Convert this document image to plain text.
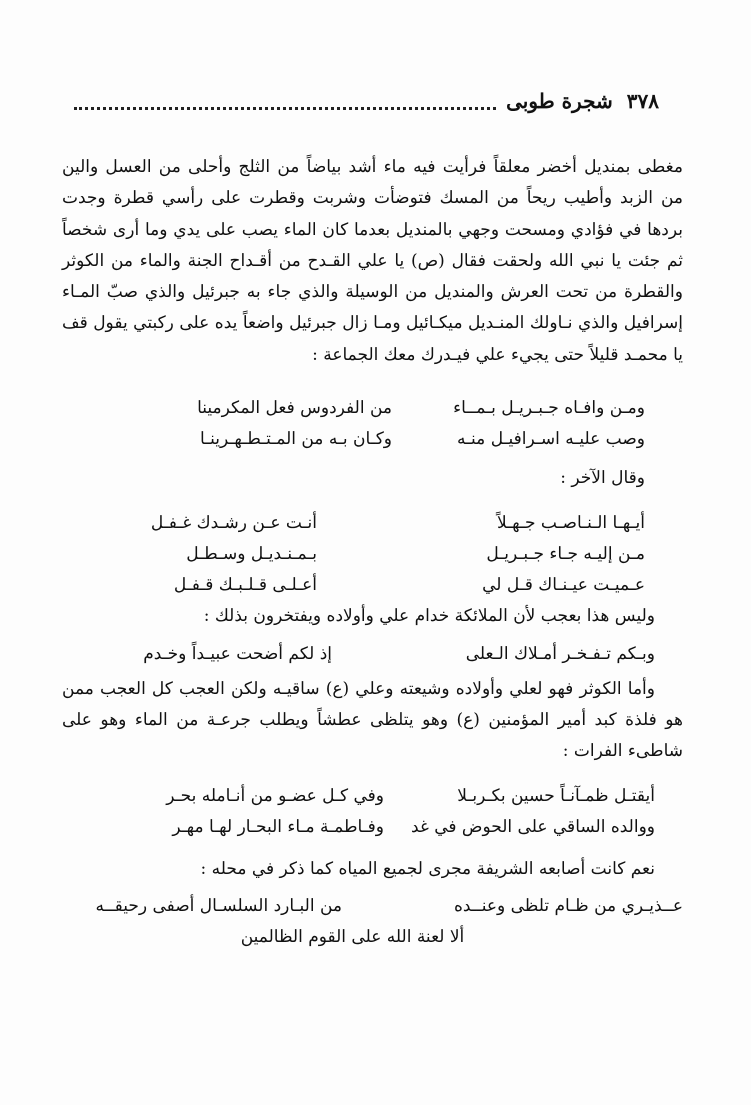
٣٧٨
شجرة طوبى

مغطى بمنديل أخضر معلقاً فرأيت فيه ماء أشد بياضاً من الثلج وأحلى من العسل والين من الزبد وأطيب ريحاً من المسك فتوضأت وشربت وقطرت على رأسي قطرة وجدت بردها في فؤادي ومسحت وجهي بالمنديل بعدما كان الماء يصب على يدي وما أرى شخصاً ثم جئت يا نبي الله ولحقت فقال (ص) يا علي القـدح من أقـداح الجنة والماء من الكوثر والقطرة من تحت العرش والمنديل من الوسيلة والذي جاء به جبرئيل والذي صبّ المـاء إسرافيل والذي نـاولك المنـديل ميكـائيل ومـا زال جبرئيل واضعاً يده على ركبتي يقول قف يا محمـد قليلاً حتى يجيء علي فيـدرك معك الجماعة :

ومـن وافـاه جـبـريـل بـمــاء
من الفردوس فعل المكرمينا
وصب عليـه اسـرافيـل منـه
وكـان بـه من المـتـطـهـرينـا

وقال الآخر :

أيـهـا الـنـاصـب جـهـلاً
أنـت عـن رشـدك غـفـل
مـن إليـه جـاء جـبـريـل
بـمـنـديـل وسـطـل
عـميـت عيـنـاك قـل لي
أعـلـى قـلـبـك قـفـل

وليس هذا بعجب لأن الملائكة خدام علي وأولاده ويفتخرون بذلك :

وبـكم تـفـخـر أمـلاك الـعلى
إذ لكم أضحت عبيـداً وخـدم

وأما الكوثر فهو لعلي وأولاده وشيعته وعلي (ع) ساقيـه ولكن العجب كل العجب ممن هو فلذة كبد أمير المؤمنين (ع) وهو يتلظى عطشاً ويطلب جرعـة من الماء وهو على شاطىء الفرات :

أيقتـل ظمـآنـاً حسين بكـربـلا
وفي كـل عضـو من أنـامله بحـر
ووالده الساقي على الحوض في غد
وفـاطمـة مـاء البحـار لهـا مهـر

نعم كانت أصابعه الشريفة مجرى لجميع المياه كما ذكر في محله :

عــذيـري من ظـام تلظى وعنــده
من البـارد السلسـال أصفى رحيقــه

ألا لعنة الله على القوم الظالمين
